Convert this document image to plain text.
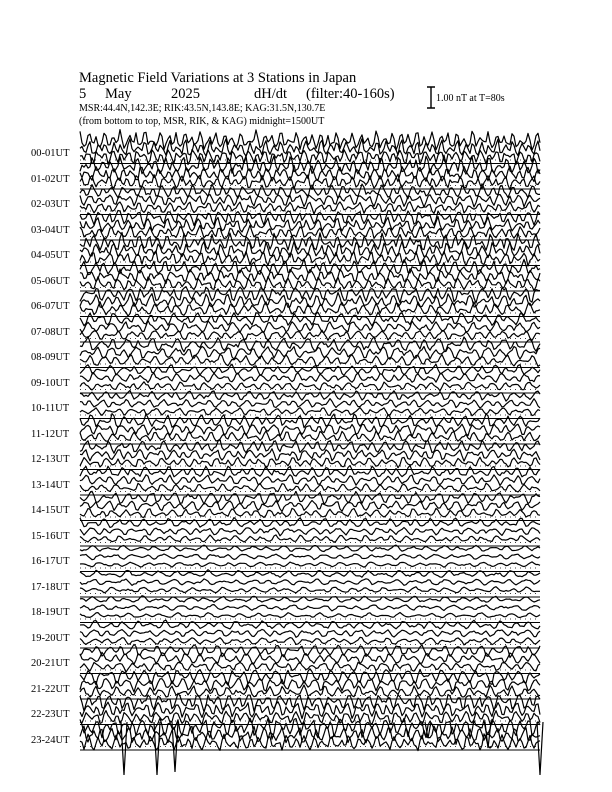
Magnetic Field Variations at 3 Stations in Japan
5 May	2025	dH/dt (filter:40-160s)
MSR:44.4N,142.3E; RIK:43.5N,143.8E; KAG:31.5N,130.7E
(from bottom to top, MSR, RIK, & KAG) midnight=1500UT
1.00 nT at T=80s
00-01UT
01-02UT
02-03UT
03-04UT
04-05UT
05-06UT
06-07UT
07-08UT
08-09UT
09-10UT
10-11UT
11-12UT
12-13UT
13-14UT
14-15UT
15-16UT
16-17UT
17-18UT
18-19UT
19-20UT
20-21UT
21-22UT
22-23UT
23-24UT
